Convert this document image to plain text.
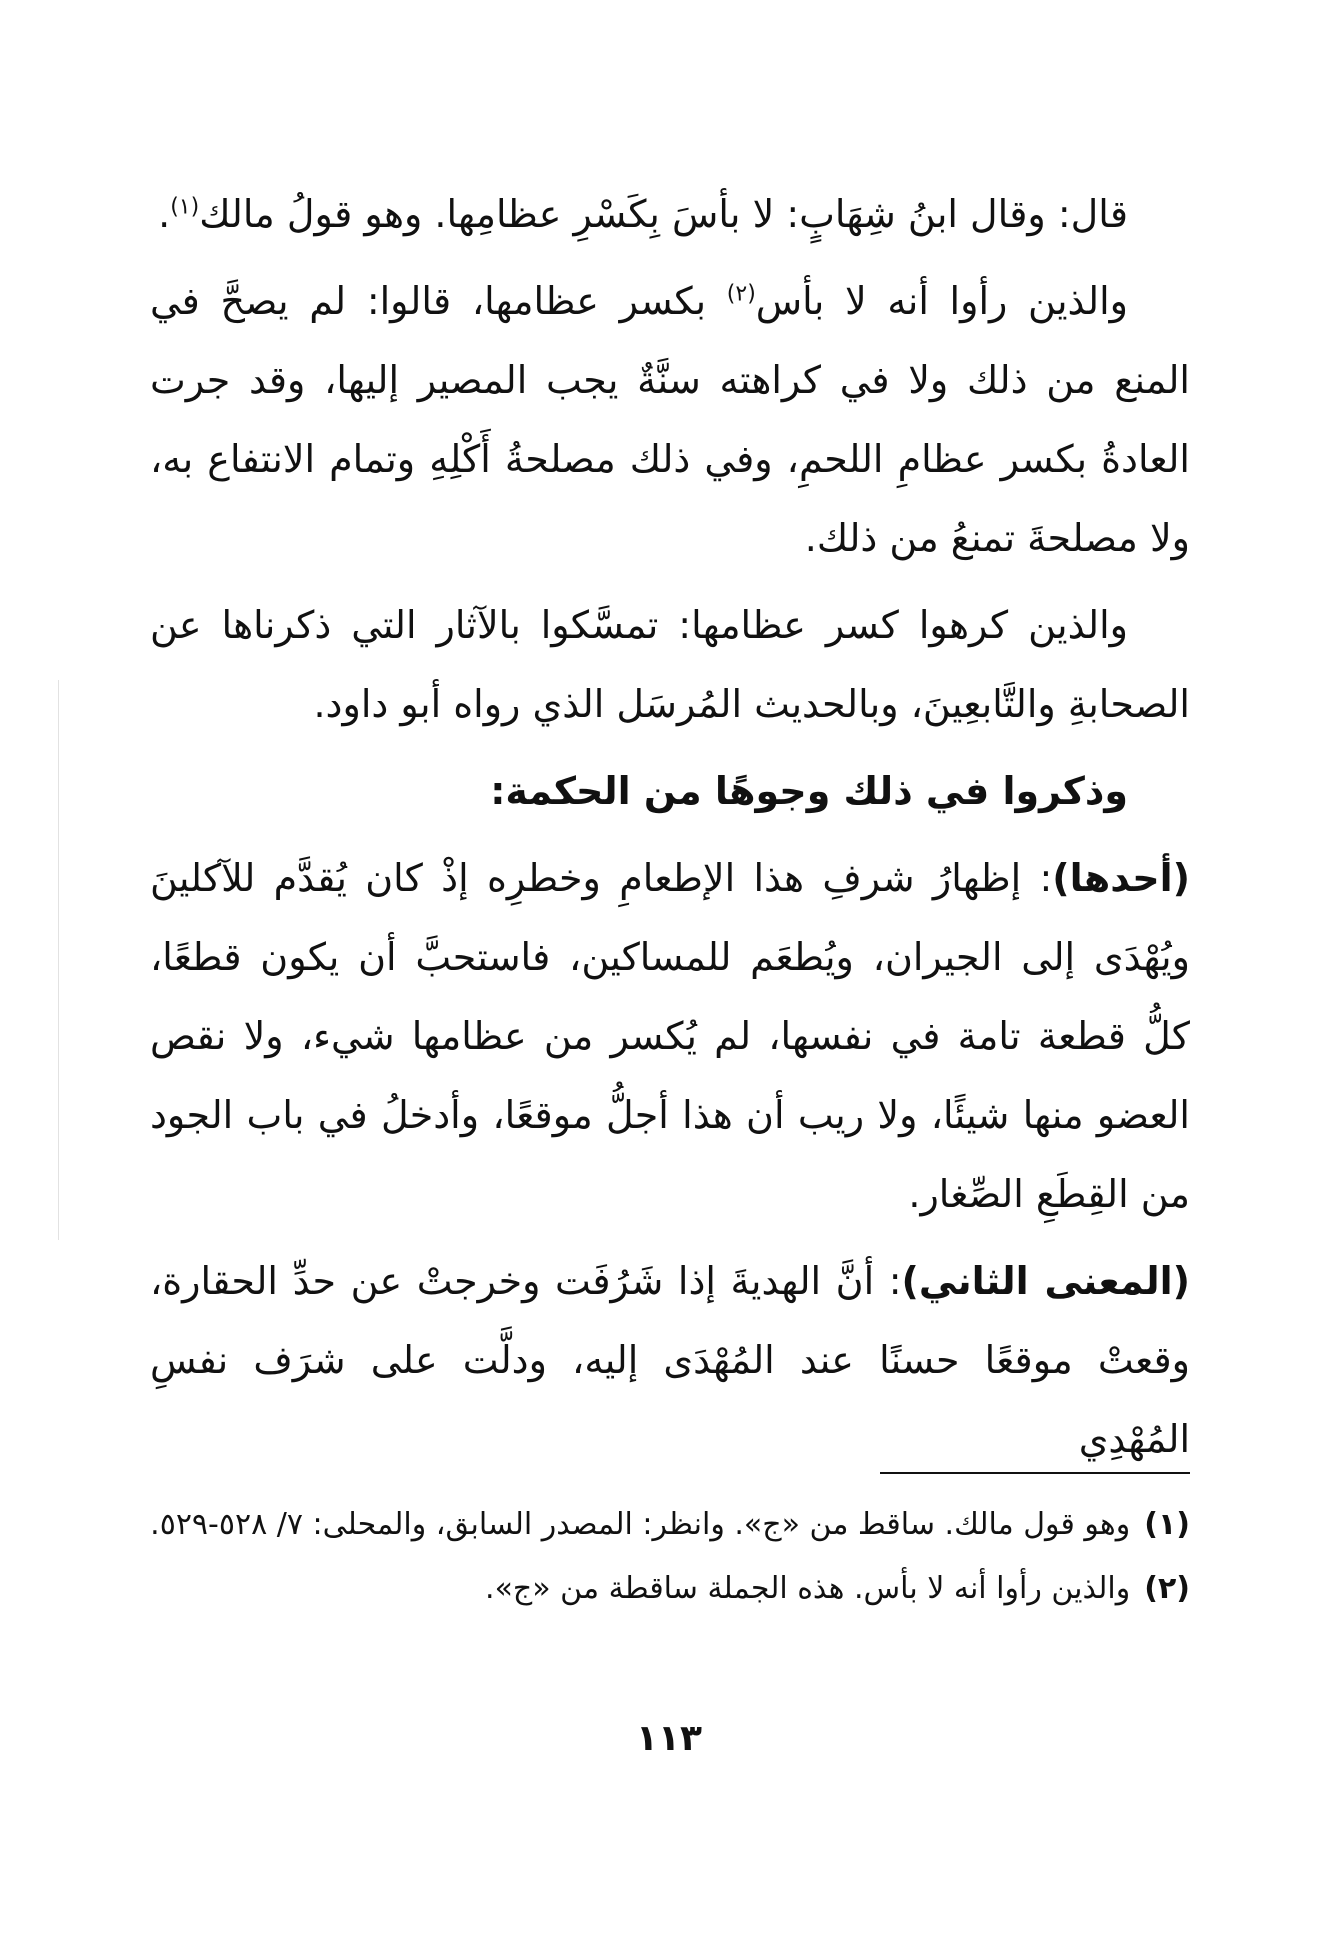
قال: وقال ابنُ شِهَابٍ: لا بأسَ بِكَسْرِ عظامِها. وهو قولُ مالك$^{(١)}$.

والذين رأوا أنه لا بأس$^{(٢)}$ بكسر عظامها، قالوا: لم يصحَّ في المنع من ذلك ولا في كراهته سنَّةٌ يجب المصير إليها، وقد جرت العادةُ بكسر عظامِ اللحمِ، وفي ذلك مصلحةُ أَكْلِهِ وتمام الانتفاع به، ولا مصلحةَ تمنعُ من ذلك.

والذين كرهوا كسر عظامها: تمسَّكوا بالآثار التي ذكرناها عن الصحابةِ والتَّابعِينَ، وبالحديث المُرسَل الذي رواه أبو داود.

وذكروا في ذلك وجوهًا من الحكمة:

(أحدها): إظهارُ شرفِ هذا الإطعامِ وخطرِه إذْ كان يُقدَّم للآكلينَ ويُهْدَى إلى الجيران، ويُطعَم للمساكين، فاستحبَّ أن يكون قطعًا، كلُّ قطعة تامة في نفسها، لم يُكسر من عظامها شيء، ولا نقص العضو منها شيئًا، ولا ريب أن هذا أجلُّ موقعًا، وأدخلُ في باب الجود من القِطَعِ الصِّغار.

(المعنى الثاني): أنَّ الهديةَ إذا شَرُفَت وخرجتْ عن حدِّ الحقارة، وقعتْ موقعًا حسنًا عند المُهْدَى إليه، ودلَّت على شرَف نفسِ المُهْدِي

(١)وهو قول مالك. ساقط من «ج». وانظر: المصدر السابق، والمحلى: ٧/ ٥٢٨-٥٢٩.

(٢)والذين رأوا أنه لا بأس. هذه الجملة ساقطة من «ج».

١١٣
